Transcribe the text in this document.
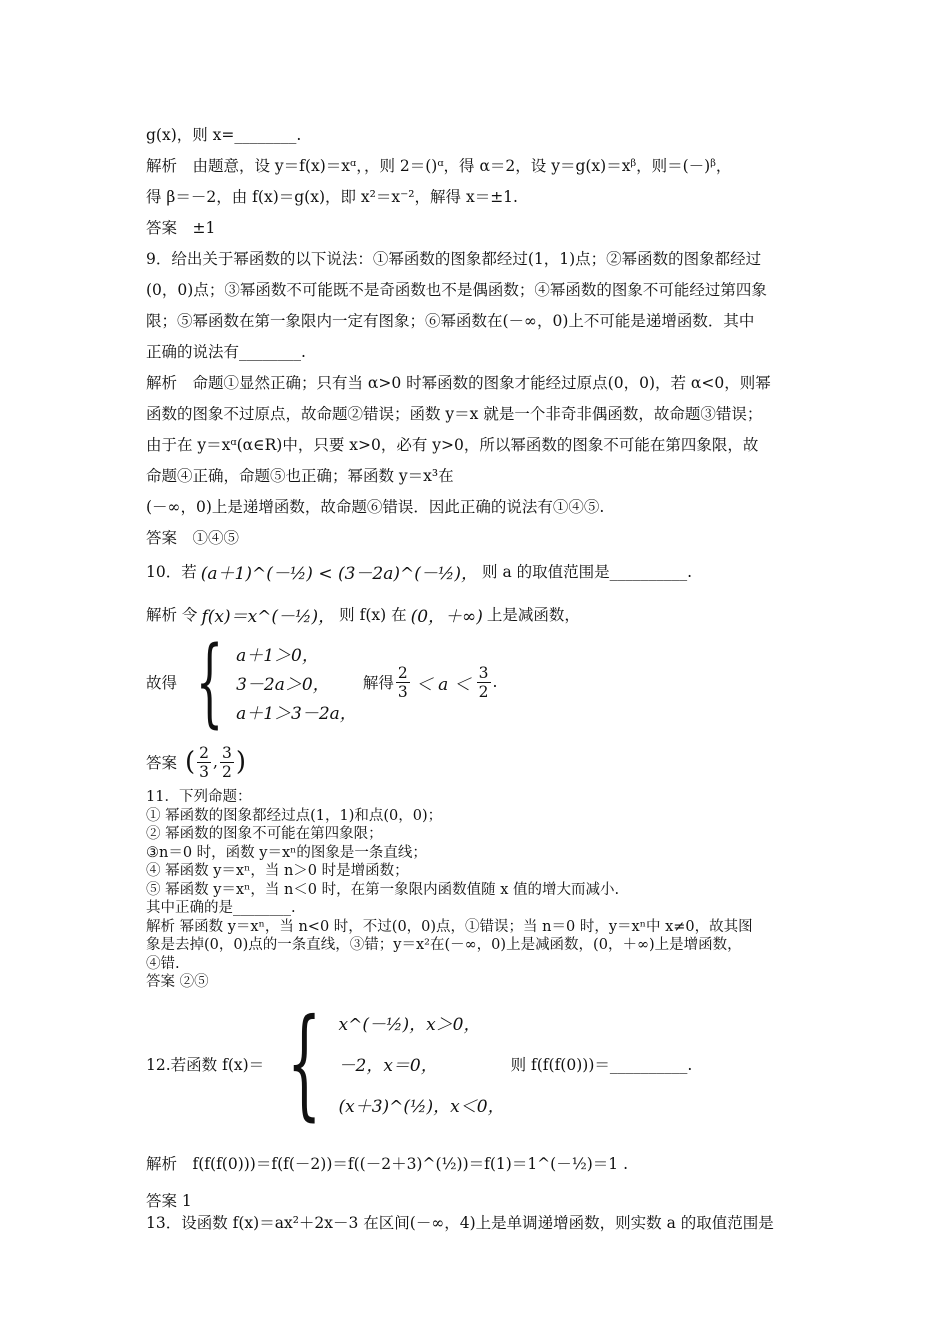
g(x)，则 x=________.
解析　由题意，设 y＝f(x)＝xᵅ，，则 2＝()ᵅ，得 α＝2，设 y＝g(x)＝xᵝ，则＝(－)ᵝ，
得 β＝－2，由 f(x)＝g(x)，即 x²＝x⁻²，解得 x＝±1.
答案　±1
9．给出关于幂函数的以下说法：①幂函数的图象都经过(1，1)点；②幂函数的图象都经过
(0，0)点；③幂函数不可能既不是奇函数也不是偶函数；④幂函数的图象不可能经过第四象
限；⑤幂函数在第一象限内一定有图象；⑥幂函数在(－∞，0)上不可能是递增函数．其中
正确的说法有________.
解析　命题①显然正确；只有当 α>0 时幂函数的图象才能经过原点(0，0)，若 α<0，则幂
函数的图象不过原点，故命题②错误；函数 y＝x 就是一个非奇非偶函数，故命题③错误；
由于在 y＝xᵅ(α∈R)中，只要 x>0，必有 y>0，所以幂函数的图象不可能在第四象限，故
命题④正确，命题⑤也正确；幂函数 y＝x³在
(－∞，0)上是递增函数，故命题⑥错误．因此正确的说法有①④⑤.
答案　①④⑤
10．若 (a＋1)^(－½) < (3－2a)^(－½)， 则 a 的取值范围是__________.
解析 令 f(x)＝x^(－½)， 则 f(x) 在 (0，＋∞) 上是减函数，
故得 { a＋1＞0，
3－2a＞0，
a＋1＞3－2a，
解得 $\frac{2}{3} < a < \frac{3}{2}$ .
答案 ( $\frac{2}{3}$ , $\frac{3}{2}$ )
11．下列命题：
① 幂函数的图象都经过点(1，1)和点(0，0)；
② 幂函数的图象不可能在第四象限；
③n＝0 时，函数 y＝xⁿ的图象是一条直线；
④ 幂函数 y＝xⁿ，当 n＞0 时是增函数；
⑤ 幂函数 y＝xⁿ，当 n＜0 时，在第一象限内函数值随 x 值的增大而减小.
其中正确的是________.
解析 幂函数 y＝xⁿ，当 n<0 时，不过(0，0)点，①错误；当 n＝0 时，y＝xⁿ中 x≠0，故其图
象是去掉(0，0)点的一条直线，③错；y＝x²在(－∞，0)上是减函数，(0，＋∞)上是增函数，
④错.
答案 ②⑤
12.若函数 f(x)＝ { x^(－½)，x＞0，
－2，x＝0，
(x＋3)^(½)，x＜0，
则 f(f(f(0)))＝__________.
解析　f(f(f(0)))＝f(f(－2))＝f((－2＋3)^(½))＝f(1)＝1^(－½)＝1 .
答案 1
13．设函数 f(x)＝ax²＋2x－3 在区间(－∞，4)上是单调递增函数，则实数 a 的取值范围是
